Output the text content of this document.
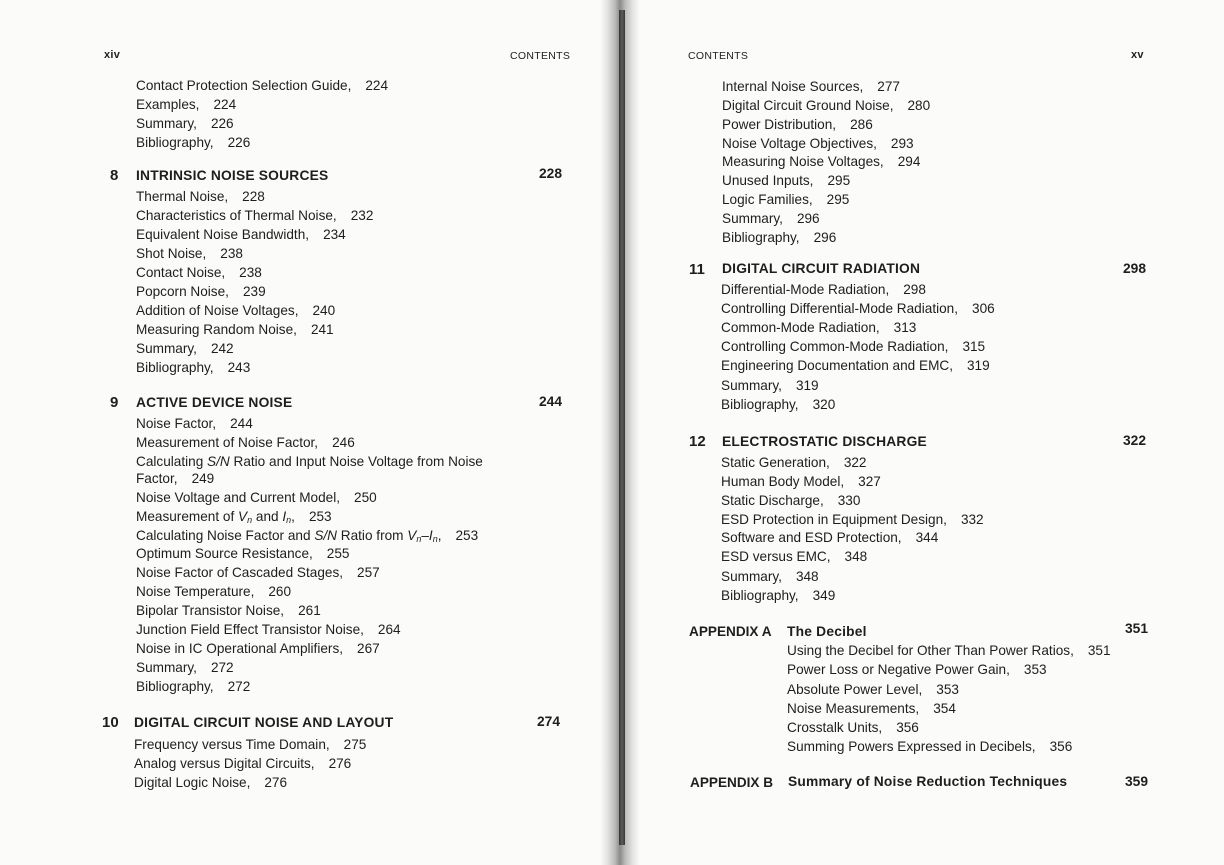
xiv	CONTENTS
Contact Protection Selection Guide, 224
Examples, 224
Summary, 226
Bibliography, 226
8 INTRINSIC NOISE SOURCES	228
Thermal Noise, 228
Characteristics of Thermal Noise, 232
Equivalent Noise Bandwidth, 234
Shot Noise, 238
Contact Noise, 238
Popcorn Noise, 239
Addition of Noise Voltages, 240
Measuring Random Noise, 241
Summary, 242
Bibliography, 243
9 ACTIVE DEVICE NOISE	244
Noise Factor, 244
Measurement of Noise Factor, 246
Calculating S/N Ratio and Input Noise Voltage from Noise
Factor, 249
Noise Voltage and Current Model, 250
Measurement of $V_n$ and $I_n$, 253
Calculating Noise Factor and S/N Ratio from $V_n-I_n$, 253
Optimum Source Resistance, 255
Noise Factor of Cascaded Stages, 257
Noise Temperature, 260
Bipolar Transistor Noise, 261
Junction Field Effect Transistor Noise, 264
Noise in IC Operational Amplifiers, 267
Summary, 272
Bibliography, 272
10 DIGITAL CIRCUIT NOISE AND LAYOUT	274
Frequency versus Time Domain, 275
Analog versus Digital Circuits, 276
Digital Logic Noise, 276
CONTENTS	xv
Internal Noise Sources, 277
Digital Circuit Ground Noise, 280
Power Distribution, 286
Noise Voltage Objectives, 293
Measuring Noise Voltages, 294
Unused Inputs, 295
Logic Families, 295
Summary, 296
Bibliography, 296
11 DIGITAL CIRCUIT RADIATION	298
Differential-Mode Radiation, 298
Controlling Differential-Mode Radiation, 306
Common-Mode Radiation, 313
Controlling Common-Mode Radiation, 315
Engineering Documentation and EMC, 319
Summary, 319
Bibliography, 320
12 ELECTROSTATIC DISCHARGE	322
Static Generation, 322
Human Body Model, 327
Static Discharge, 330
ESD Protection in Equipment Design, 332
Software and ESD Protection, 344
ESD versus EMC, 348
Summary, 348
Bibliography, 349
APPENDIX A The Decibel	351
Using the Decibel for Other Than Power Ratios, 351
Power Loss or Negative Power Gain, 353
Absolute Power Level, 353
Noise Measurements, 354
Crosstalk Units, 356
Summing Powers Expressed in Decibels, 356
APPENDIX B Summary of Noise Reduction Techniques	359
